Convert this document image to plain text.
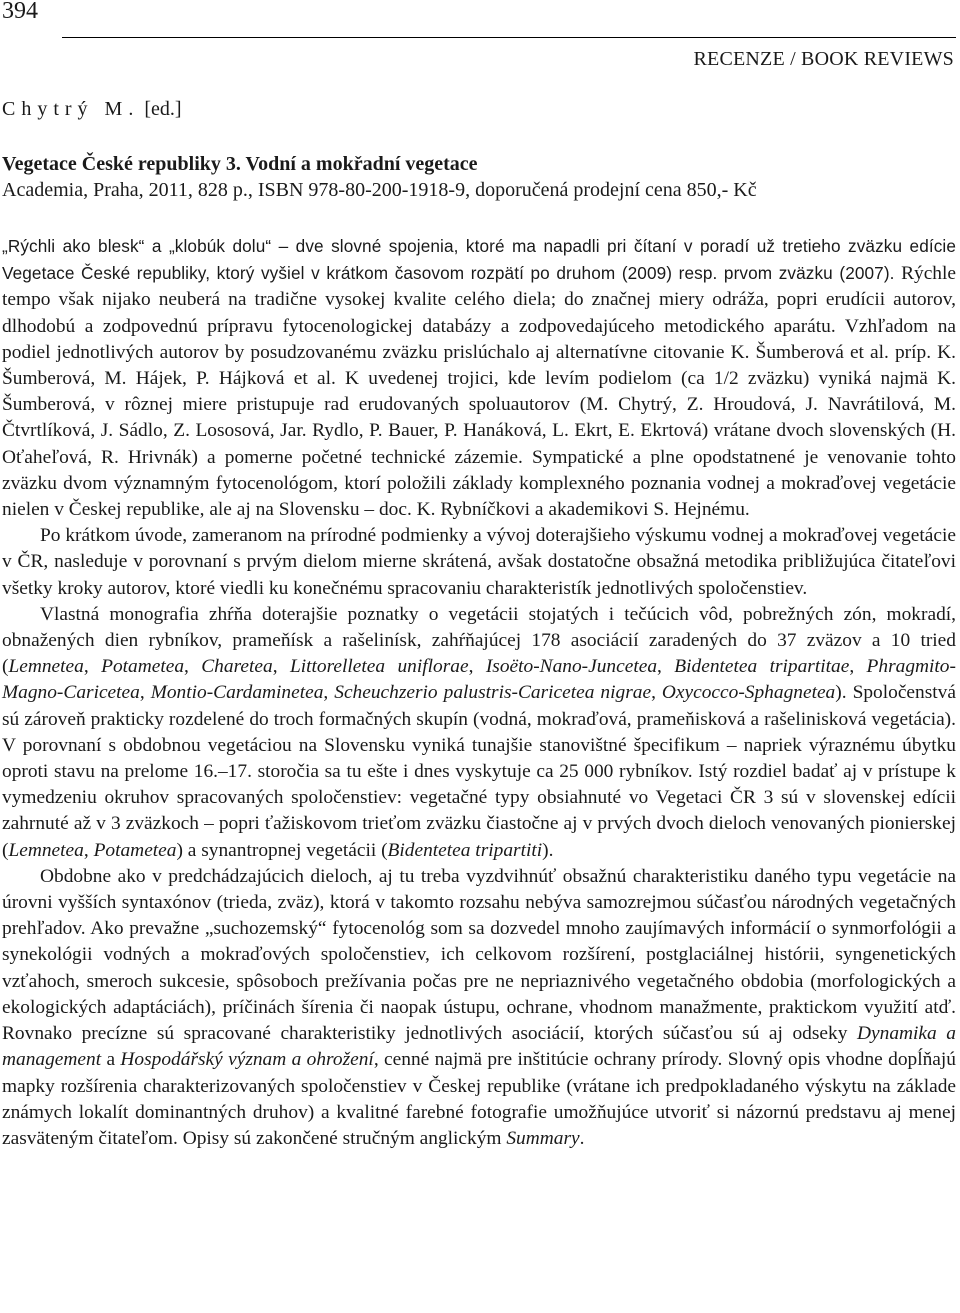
394
RECENZE / BOOK REVIEWS
Chytrý M. [ed.]
Vegetace České republiky 3. Vodní a mokřadní vegetace
Academia, Praha, 2011, 828 p., ISBN 978-80-200-1918-9, doporučená prodejní cena 850,- Kč

„Rýchli ako blesk“ a „klobúk dolu“ – dve slovné spojenia, ktoré ma napadli pri čítaní v poradí už tretieho zväzku edície Vegetace České republiky, ktorý vyšiel v krátkom časovom rozpätí po druhom (2009) resp. prvom zväzku (2007). Rýchle tempo však nijako neuberá na tradične vysokej kvalite celého diela; do značnej miery odráža, popri erudícii autorov, dlhodobú a zodpovednú prípravu fytocenologickej databázy a zodpovedajúceho metodického aparátu. Vzhľadom na podiel jednotlivých autorov by posudzovanému zväzku prislúchalo aj alternatívne citovanie K. Šumberová et al. príp. K. Šumberová, M. Hájek, P. Hájková et al. K uvedenej trojici, kde levím podielom (ca 1/2 zväzku) vyniká najmä K. Šumberová, v rôznej miere pristupuje rad erudovaných spoluautorov (M. Chytrý, Z. Hroudová, J. Navrátilová, M. Čtvrtlíková, J. Sádlo, Z. Lososová, Jar. Rydlo, P. Bauer, P. Hanáková, L. Ekrt, E. Ekrtová) vrátane dvoch slovenských (H. Oťaheľová, R. Hrivnák) a pomerne početné technické zázemie. Sympatické a plne opodstatnené je venovanie tohto zväzku dvom významným fytocenológom, ktorí položili základy komplexného poznania vodnej a mokraďovej vegetácie nielen v Českej republike, ale aj na Slovensku – doc. K. Rybníčkovi a akademikovi S. Hejnému.

Po krátkom úvode, zameranom na prírodné podmienky a vývoj doterajšieho výskumu vodnej a mokraďovej vegetácie v ČR, nasleduje v porovnaní s prvým dielom mierne skrátená, avšak dostatočne obsažná metodika približujúca čitateľovi všetky kroky autorov, ktoré viedli ku konečnému spracovaniu charakteristík jednotlivých spoločenstiev.

Vlastná monografia zhŕňa doterajšie poznatky o vegetácii stojatých i tečúcich vôd, pobrežných zón, mokradí, obnažených dien rybníkov, prameňísk a rašelinísk, zahŕňajúcej 178 asociácií zaradených do 37 zväzov a 10 tried (Lemnetea, Potametea, Charetea, Littorelletea uniflorae, Isoëto-Nano-Juncetea, Bidentetea tripartitae, Phragmito-Magno-Caricetea, Montio-Cardaminetea, Scheuchzerio palustris-Caricetea nigrae, Oxycocco-Sphagnetea). Spoločenstvá sú zároveň prakticky rozdelené do troch formačných skupín (vodná, mokraďová, prameňisková a rašelinisková vegetácia). V porovnaní s obdobnou vegetáciou na Slovensku vyniká tunajšie stanovištné špecifikum – napriek výraznému úbytku oproti stavu na prelome 16.–17. storočia sa tu ešte i dnes vyskytuje ca 25 000 rybníkov. Istý rozdiel badať aj v prístupe k vymedzeniu okruhov spracovaných spoločenstiev: vegetačné typy obsiahnuté vo Vegetaci ČR 3 sú v slovenskej edícii zahrnuté až v 3 zväzkoch – popri ťažiskovom trieťom zväzku čiastočne aj v prvých dvoch dieloch venovaných pionierskej (Lemnetea, Potametea) a synantropnej vegetácii (Bidentetea tripartiti).

Obdobne ako v predchádzajúcich dieloch, aj tu treba vyzdvihnúť obsažnú charakteristiku daného typu vegetácie na úrovni vyšších syntaxónov (trieda, zväz), ktorá v takomto rozsahu nebýva samozrejmou súčasťou národných vegetačných prehľadov. Ako prevažne „suchozemský“ fytocenológ som sa dozvedel mnoho zaujímavých informácií o synmorfológii a synekológii vodných a mokraďových spoločenstiev, ich celkovom rozšírení, postglaciálnej histórii, syngenetických vzťahoch, smeroch sukcesie, spôsoboch prežívania počas pre ne nepriaznivého vegetačného obdobia (morfologických a ekologických adaptáciách), príčinách šírenia či naopak ústupu, ochrane, vhodnom manažmente, praktickom využití atď. Rovnako precízne sú spracované charakteristiky jednotlivých asociácií, ktorých súčasťou sú aj odseky Dynamika a management a Hospodářský význam a ohrožení, cenné najmä pre inštitúcie ochrany prírody. Slovný opis vhodne dopĺňajú mapky rozšírenia charakterizovaných spoločenstiev v Českej republike (vrátane ich predpokladaného výskytu na základe známych lokalít dominantných druhov) a kvalitné farebné fotografie umožňujúce utvoriť si názornú predstavu aj menej zasväteným čitateľom. Opisy sú zakončené stručným anglickým Summary.
